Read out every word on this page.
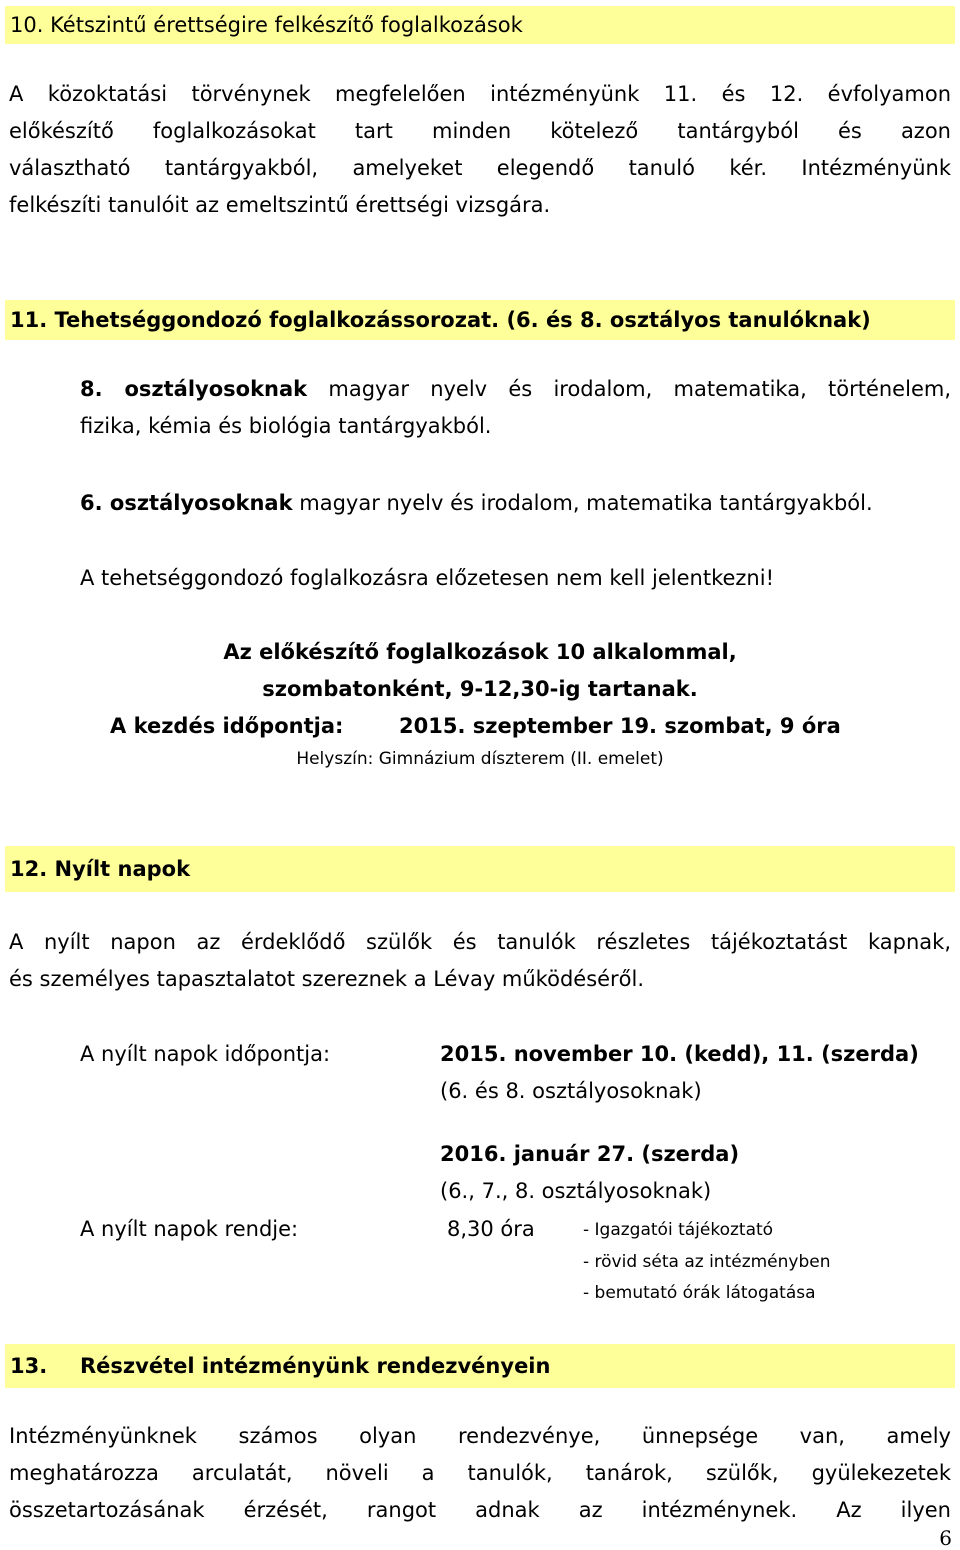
10. Kétszintű érettségire felkészítő foglalkozások
A közoktatási törvénynek megfelelően intézményünk 11. és 12. évfolyamon
előkészítő foglalkozásokat tart minden kötelező tantárgyból és azon
választható tantárgyakból, amelyeket elegendő tanuló kér. Intézményünk
felkészíti tanulóit az emeltszintű érettségi vizsgára.
11. Tehetséggondozó foglalkozássorozat. (6. és 8. osztályos tanulóknak)
8. osztályosoknak magyar nyelv és irodalom, matematika, történelem,
fizika, kémia és biológia tantárgyakból.
6. osztályosoknak magyar nyelv és irodalom, matematika tantárgyakból.
A tehetséggondozó foglalkozásra előzetesen nem kell jelentkezni!
Az előkészítő foglalkozások 10 alkalommal,
szombatonként, 9-12,30-ig tartanak.
A kezdés időpontja:	2015. szeptember 19. szombat, 9 óra
Helyszín: Gimnázium díszterem (II. emelet)
12. Nyílt napok
A nyílt napon az érdeklődő szülők és tanulók részletes tájékoztatást kapnak,
és személyes tapasztalatot szereznek a Lévay működéséről.
A nyílt napok időpontja:	2015. november 10. (kedd), 11. (szerda)
(6. és 8. osztályosoknak)
2016. január 27. (szerda)
(6., 7., 8. osztályosoknak)
A nyílt napok rendje:	8,30 óra	- Igazgatói tájékoztató
- rövid séta az intézményben
- bemutató órák látogatása
13.	Részvétel intézményünk rendezvényein
Intézményünknek számos olyan rendezvénye, ünnepsége van, amely
meghatározza arculatát, növeli a tanulók, tanárok, szülők, gyülekezetek
összetartozásának érzését, rangot adnak az intézménynek. Az ilyen
6
